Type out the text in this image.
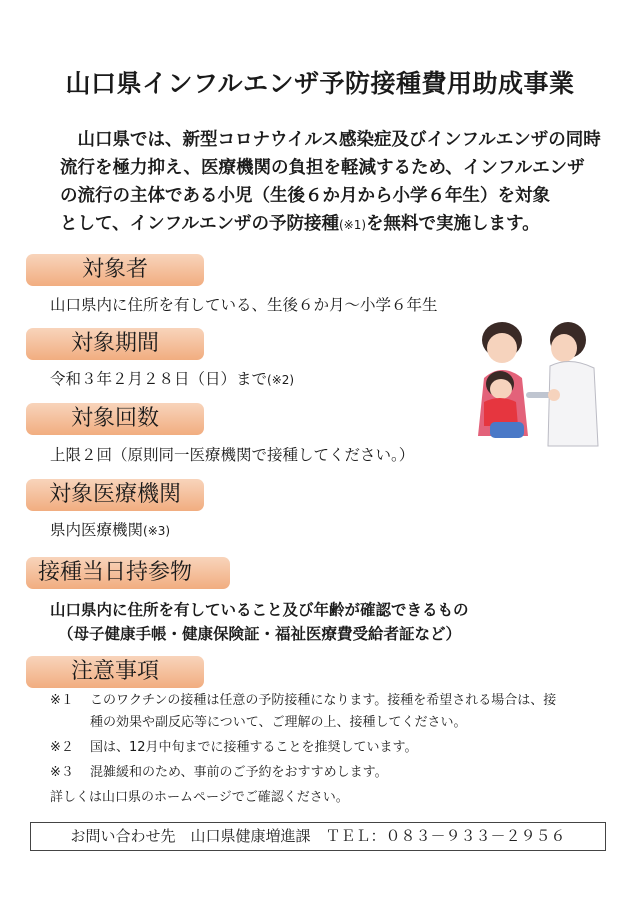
山口県インフルエンザ予防接種費用助成事業
　山口県では、新型コロナウイルス感染症及びインフルエンザの同時
流行を極力抑え、医療機関の負担を軽減するため、インフルエンザ
の流行の主体である小児（生後６か月から小学６年生）を対象
として、インフルエンザの予防接種(※1)を無料で実施します。
対象者
山口県内に住所を有している、生後６か月～小学６年生
対象期間
令和３年２月２８日（日）まで(※2)
対象回数
上限２回（原則同一医療機関で接種してください。）
対象医療機関
県内医療機関(※3)
接種当日持参物
山口県内に住所を有していること及び年齢が確認できるもの
（母子健康手帳・健康保険証・福祉医療費受給者証など）
注意事項
※１	このワクチンの接種は任意の予防接種になります。接種を希望される場合は、接
種の効果や副反応等について、ご理解の上、接種してください。
※２	国は、12月中旬までに接種することを推奨しています。
※３	混雑緩和のため、事前のご予約をおすすめします。
詳しくは山口県のホームページでご確認ください。
お問い合わせ先　山口県健康増進課　ＴＥＬ：０８３－９３３－２９５６
